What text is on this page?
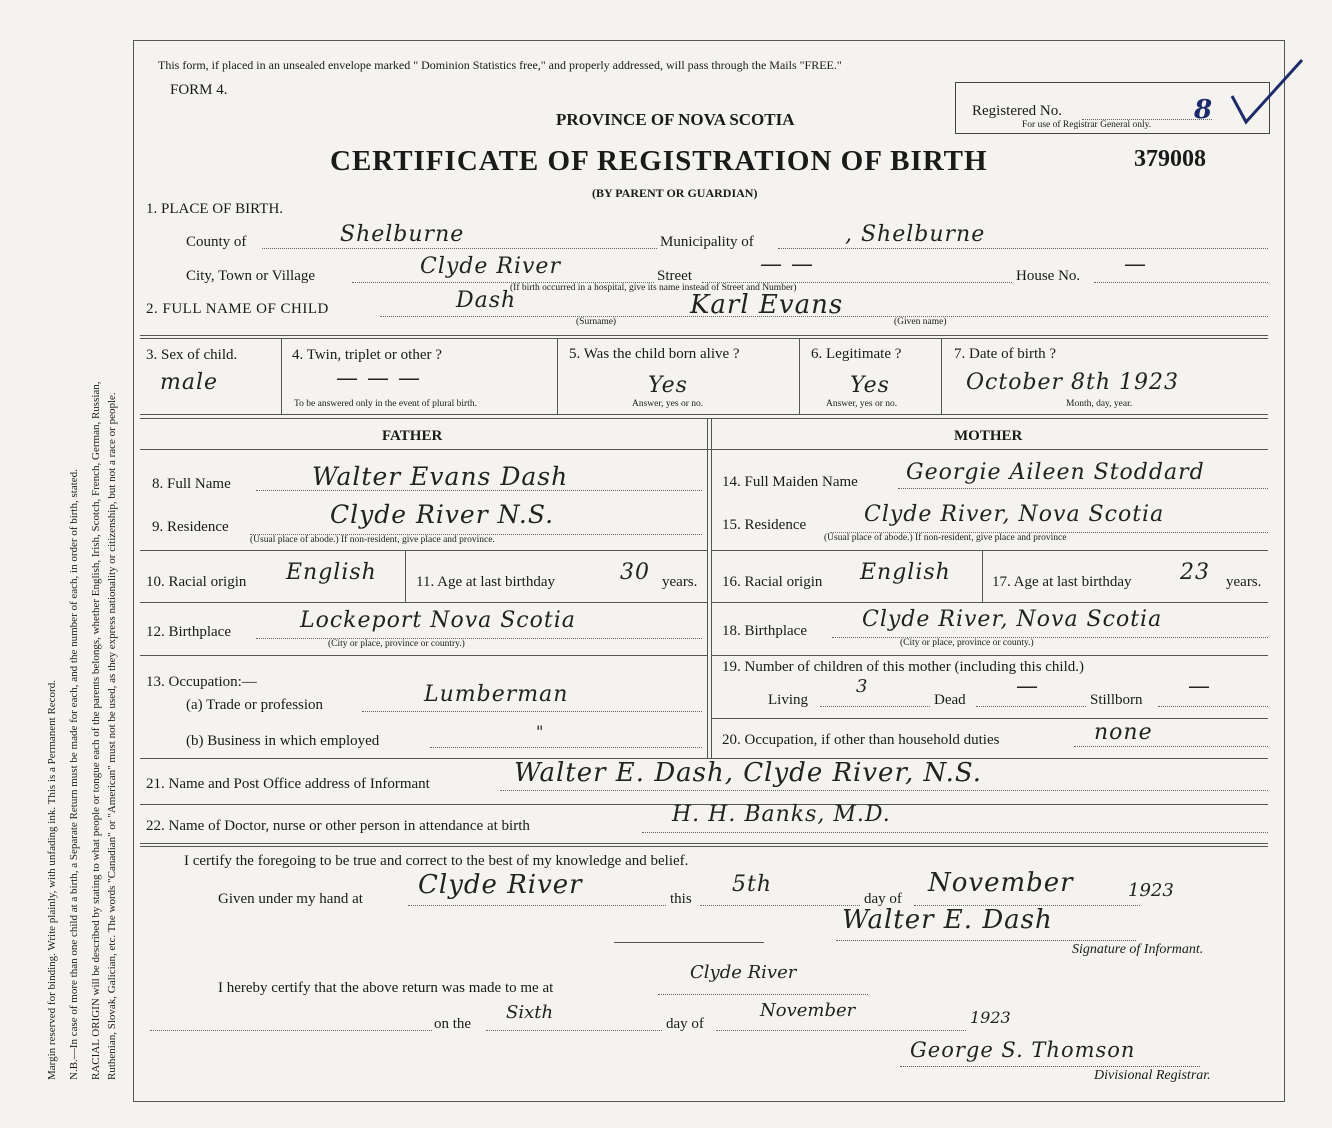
Margin reserved for binding. Write plainly, with unfading ink. This is a Permanent Record. N.B.—In case of more than one child at a birth, a Separate Return must be made for each, and the number of each, in order of birth, stated. RACIAL ORIGIN will be described by stating to what people or tongue each of the parents belongs, whether English, Irish, Scotch, French, German, Russian, Ruthenian, Slovak, Galician, etc. The words "Canadian" or "American" must not be used, as they express nationality or citizenship, but not a race or people.
This form, if placed in an unsealed envelope marked " Dominion Statistics free," and properly addressed, will pass through the Mails "FREE."
FORM 4.
PROVINCE OF NOVA SCOTIA
CERTIFICATE OF REGISTRATION OF BIRTH
(BY PARENT OR GUARDIAN)
379008
Registered No.	8
For use of Registrar General only.
1. PLACE OF BIRTH.
County of	Shelburne	Municipality of	, Shelburne
City, Town or Village	Clyde River	Street	— —
(If birth occurred in a hospital, give its name instead of Street and Number)
House No. —
2. FULL NAME OF CHILD	Dash	Karl Evans
(Surname)	(Given name)
3. Sex of child.
male
4. Twin, triplet or other ?
— — —
To be answered only in the event of plural birth.
5. Was the child born alive ?
Yes
Answer, yes or no.
6. Legitimate ?
Yes
Answer, yes or no.
7. Date of birth ?
October 8th 1923
Month, day, year.
FATHER	MOTHER
8. Full Name	Walter Evans Dash
9. Residence	Clyde River N.S.
(Usual place of abode.) If non-resident, give place and province.
10. Racial origin English	11. Age at last birthday	30 years.
12. Birthplace	Lockeport Nova Scotia
(City or place, province or country.)
13. Occupation:—
(a) Trade or profession	Lumberman
(b) Business in which employed	"
14. Full Maiden Name Georgie Aileen Stoddard
15. Residence	Clyde River, Nova Scotia
(Usual place of abode.) If non-resident, give place and province
16. Racial origin English	17. Age at last birthday 23 years.
18. Birthplace	Clyde River, Nova Scotia
(City or place, province or county.)
19. Number of children of this mother (including this child.)
Living
3
Dead
—
Stillborn
—
20. Occupation, if other than household duties	none
21. Name and Post Office address of Informant	Walter E. Dash, Clyde River, N.S.
22. Name of Doctor, nurse or other person in attendance at birth	H. H. Banks, M.D.
I certify the foregoing to be true and correct to the best of my knowledge and belief.
Given under my hand at Clyde River	this
5th
day of
November	1923
Walter E. Dash
Signature of Informant.
I hereby certify that the above return was made to me at
Clyde River
on the
Sixth
day of
November	1923
George S. Thomson
Divisional Registrar.
